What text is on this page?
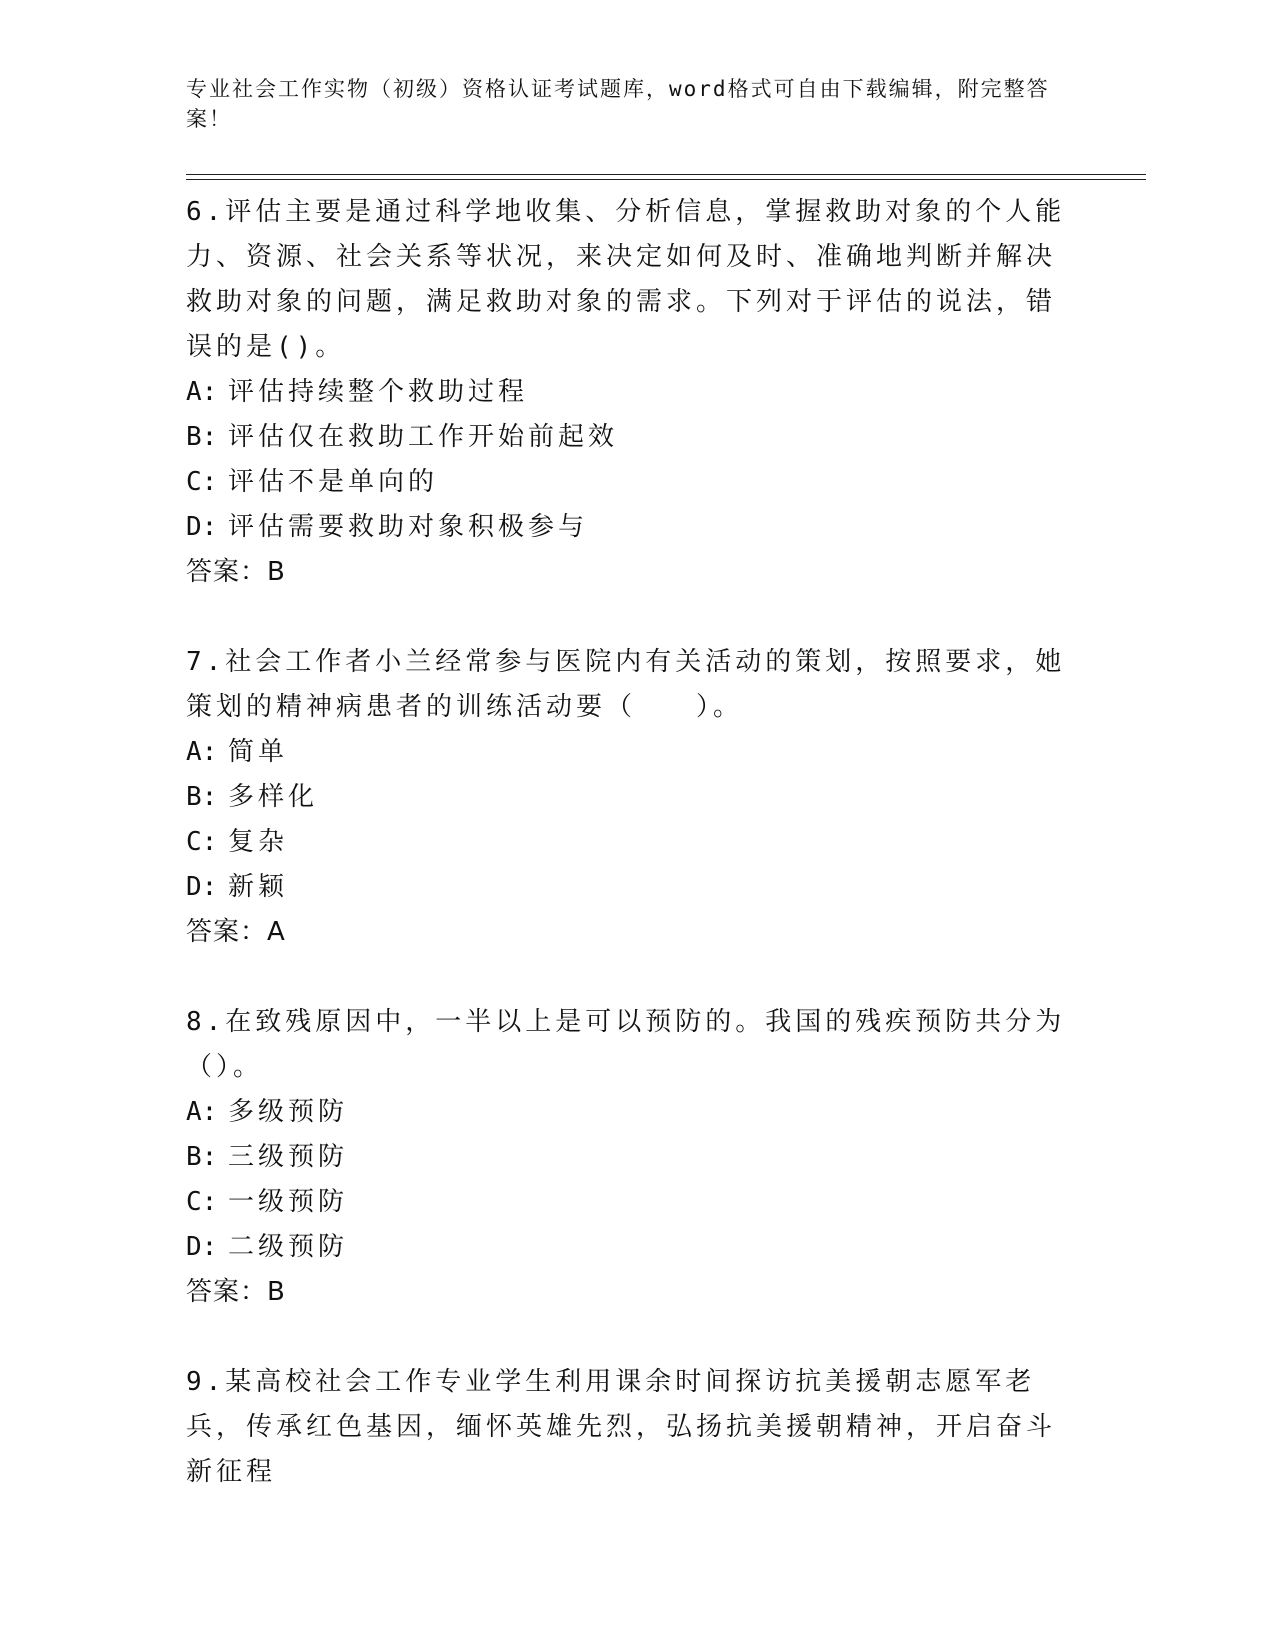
专业社会工作实物（初级）资格认证考试题库，word格式可自由下载编辑，附完整答案！
6.评估主要是通过科学地收集、分析信息，掌握救助对象的个人能力、资源、社会关系等状况，来决定如何及时、准确地判断并解决救助对象的问题，满足救助对象的需求。下列对于评估的说法，错误的是()。
A: 评估持续整个救助过程
B: 评估仅在救助工作开始前起效
C: 评估不是单向的
D: 评估需要救助对象积极参与
答案：B
7.社会工作者小兰经常参与医院内有关活动的策划，按照要求，她策划的精神病患者的训练活动要（　　）。
A: 简单
B: 多样化
C: 复杂
D: 新颖
答案：A
8.在致残原因中，一半以上是可以预防的。我国的残疾预防共分为（）。
A: 多级预防
B: 三级预防
C: 一级预防
D: 二级预防
答案：B
9.某高校社会工作专业学生利用课余时间探访抗美援朝志愿军老兵，传承红色基因，缅怀英雄先烈，弘扬抗美援朝精神，开启奋斗新征程
